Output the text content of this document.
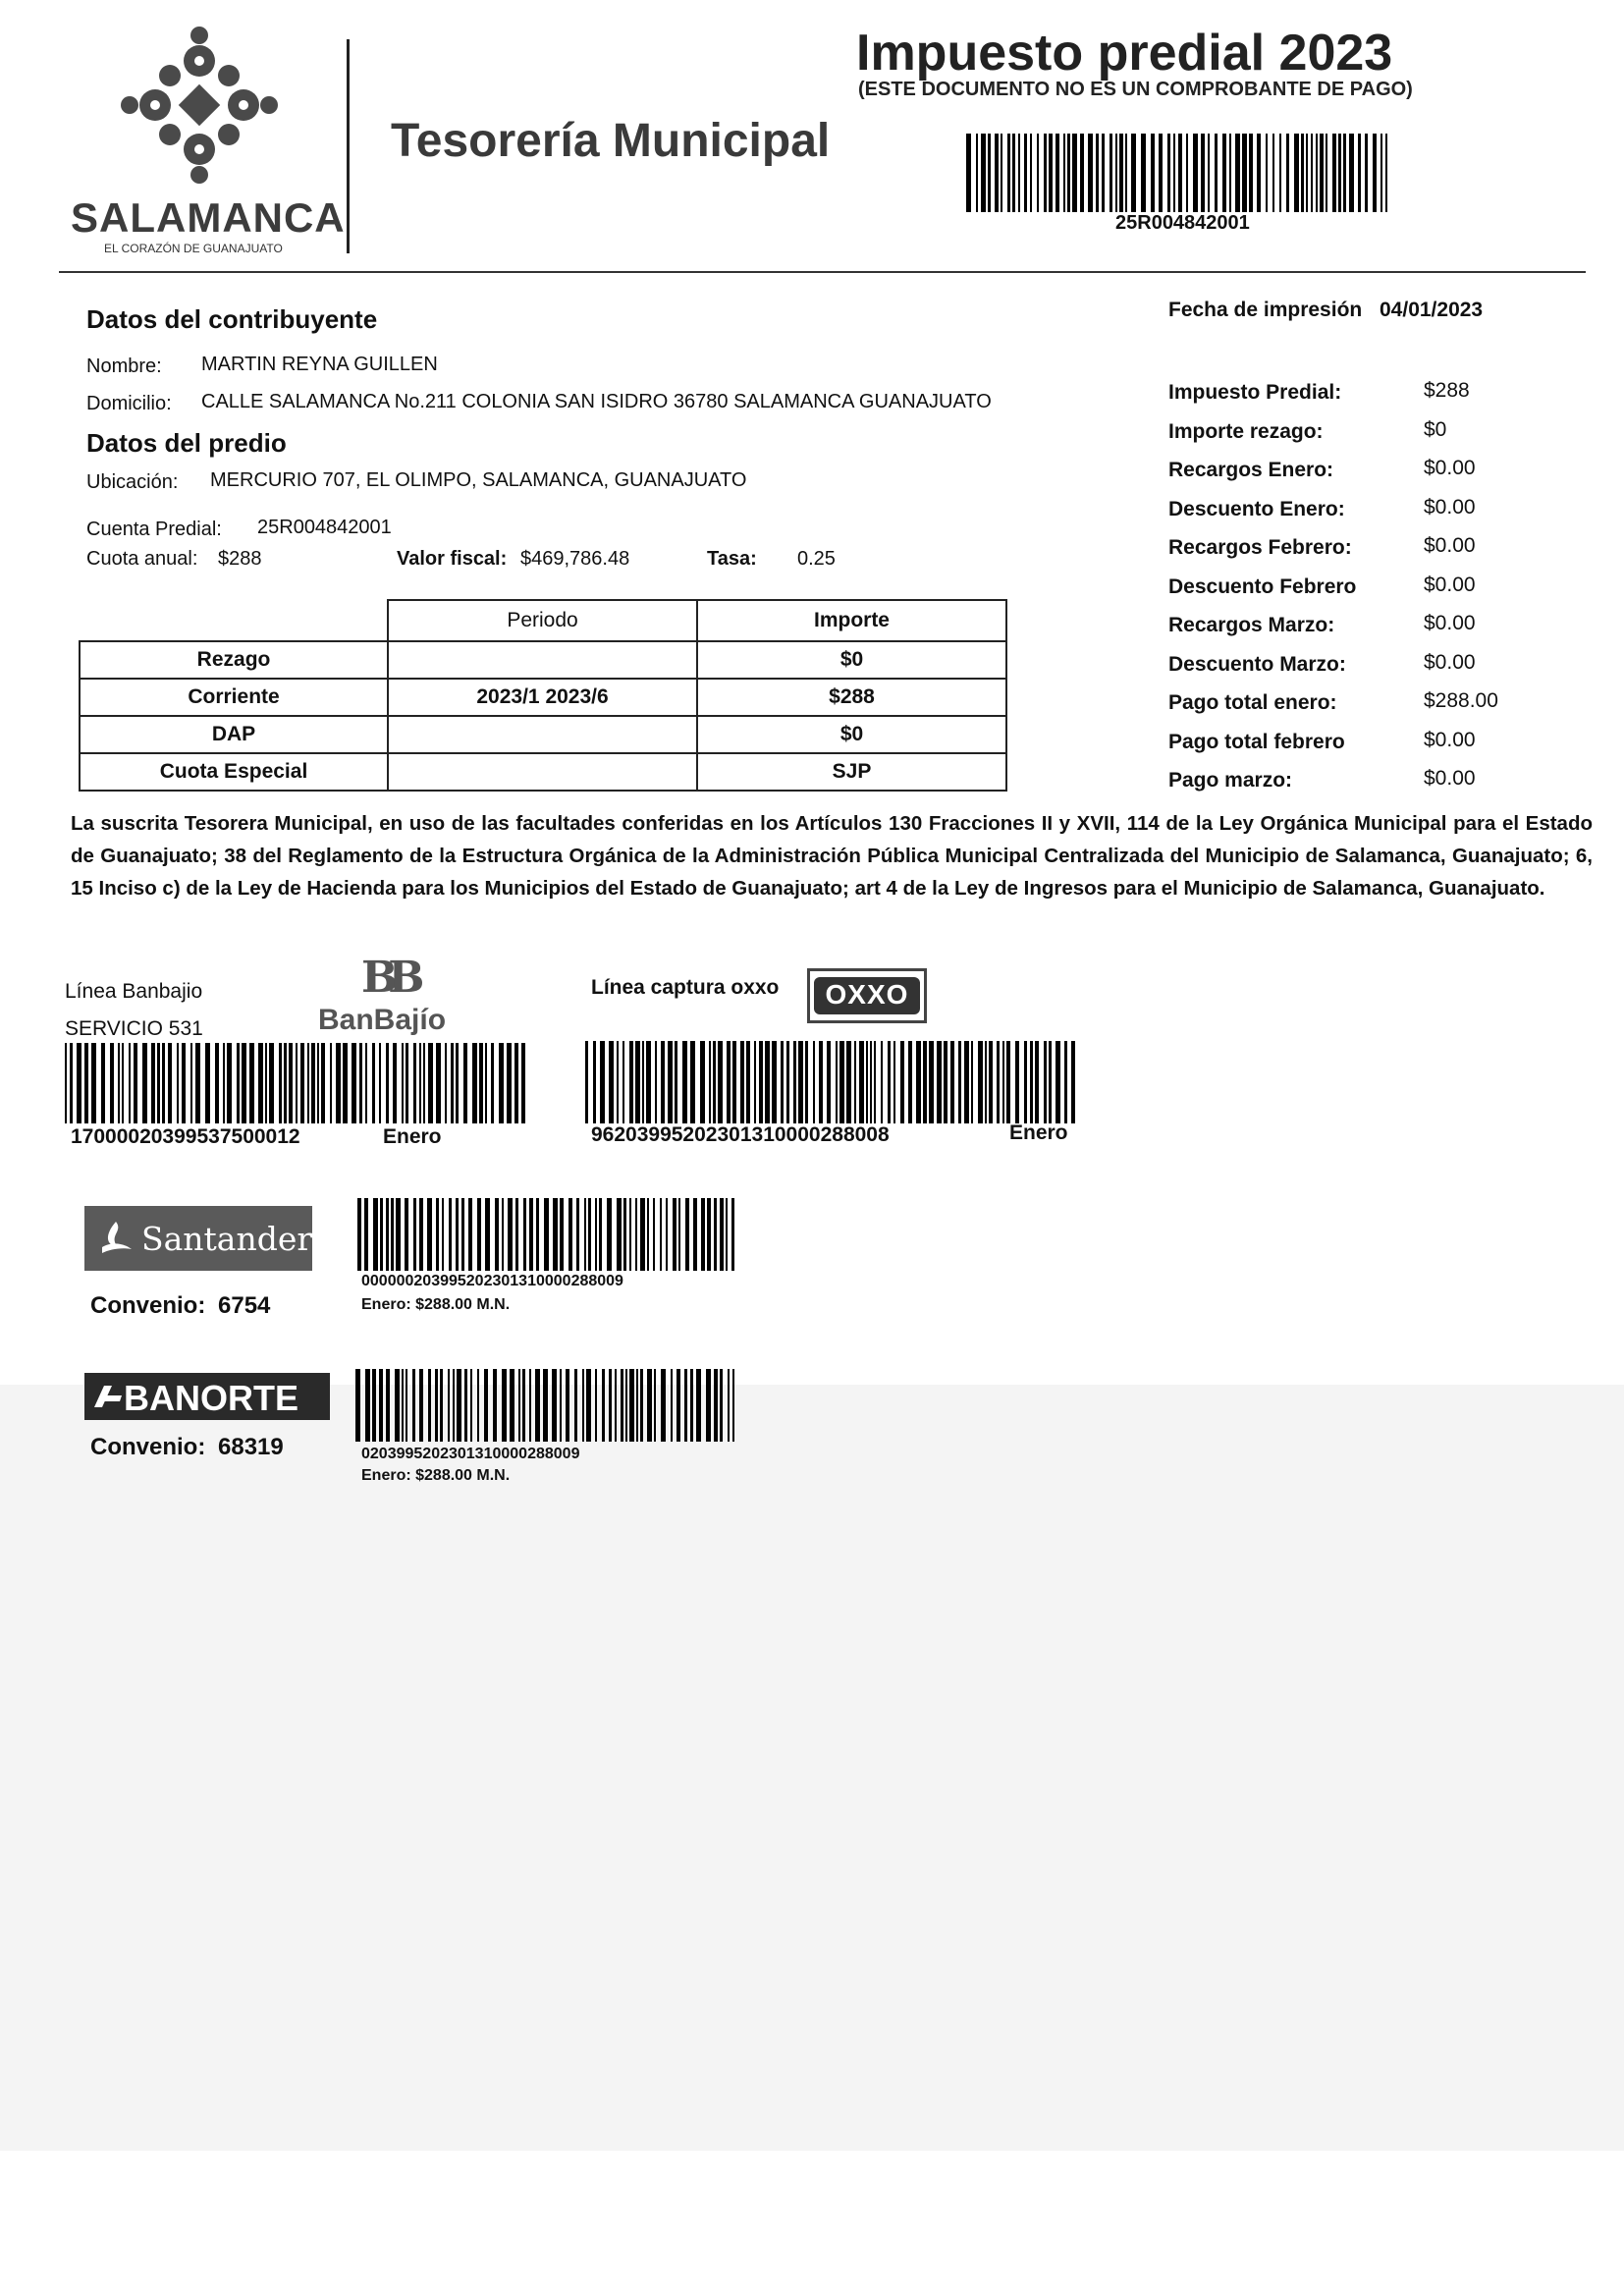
SALAMANCA
EL CORAZÓN DE GUANAJUATO
Tesorería Municipal
Impuesto predial 2023
(ESTE DOCUMENTO NO ES UN COMPROBANTE DE PAGO)
25R004842001
Datos del contribuyente
Nombre: MARTIN REYNA GUILLEN
Domicilio: CALLE SALAMANCA No.211 COLONIA SAN ISIDRO 36780 SALAMANCA GUANAJUATO
Datos del predio
Ubicación: MERCURIO 707, EL OLIMPO, SALAMANCA, GUANAJUATO
Cuenta Predial: 25R004842001
Cuota anual: $288	Valor fiscal: $469,786.48	Tasa: 0.25
	Periodo	Importe
Rezago		$0
Corriente	2023/1 2023/6	$288
DAP		$0
Cuota Especial		SJP
Fecha de impresión 04/01/2023
Impuesto Predial:	$288
Importe rezago:	$0
Recargos Enero:	$0.00
Descuento Enero:	$0.00
Recargos Febrero:	$0.00
Descuento Febrero	$0.00
Recargos Marzo:	$0.00
Descuento Marzo:	$0.00
Pago total enero:	$288.00
Pago total febrero	$0.00
Pago marzo:	$0.00
La suscrita Tesorera Municipal, en uso de las facultades conferidas en los Artículos 130 Fracciones II y XVII, 114 de la Ley Orgánica Municipal para el Estado de Guanajuato; 38 del Reglamento de la Estructura Orgánica de la Administración Pública Municipal Centralizada del Municipio de Salamanca, Guanajuato; 6, 15 Inciso c) de la Ley de Hacienda para los Municipios del Estado de Guanajuato; art 4 de la Ley de Ingresos para el Municipio de Salamanca, Guanajuato.
Línea Banbajio
SERVICIO 531
BB
BanBajío
17000020399537500012	Enero
Línea captura oxxo	OXXO
96203995202301310000288008	Enero
Santander
Convenio: 6754
00000020399520230131000028800​9
Enero: $288.00 M.N.
BANORTE
Convenio: 68319	0203995202301310000288009
Enero: $288.00 M.N.
